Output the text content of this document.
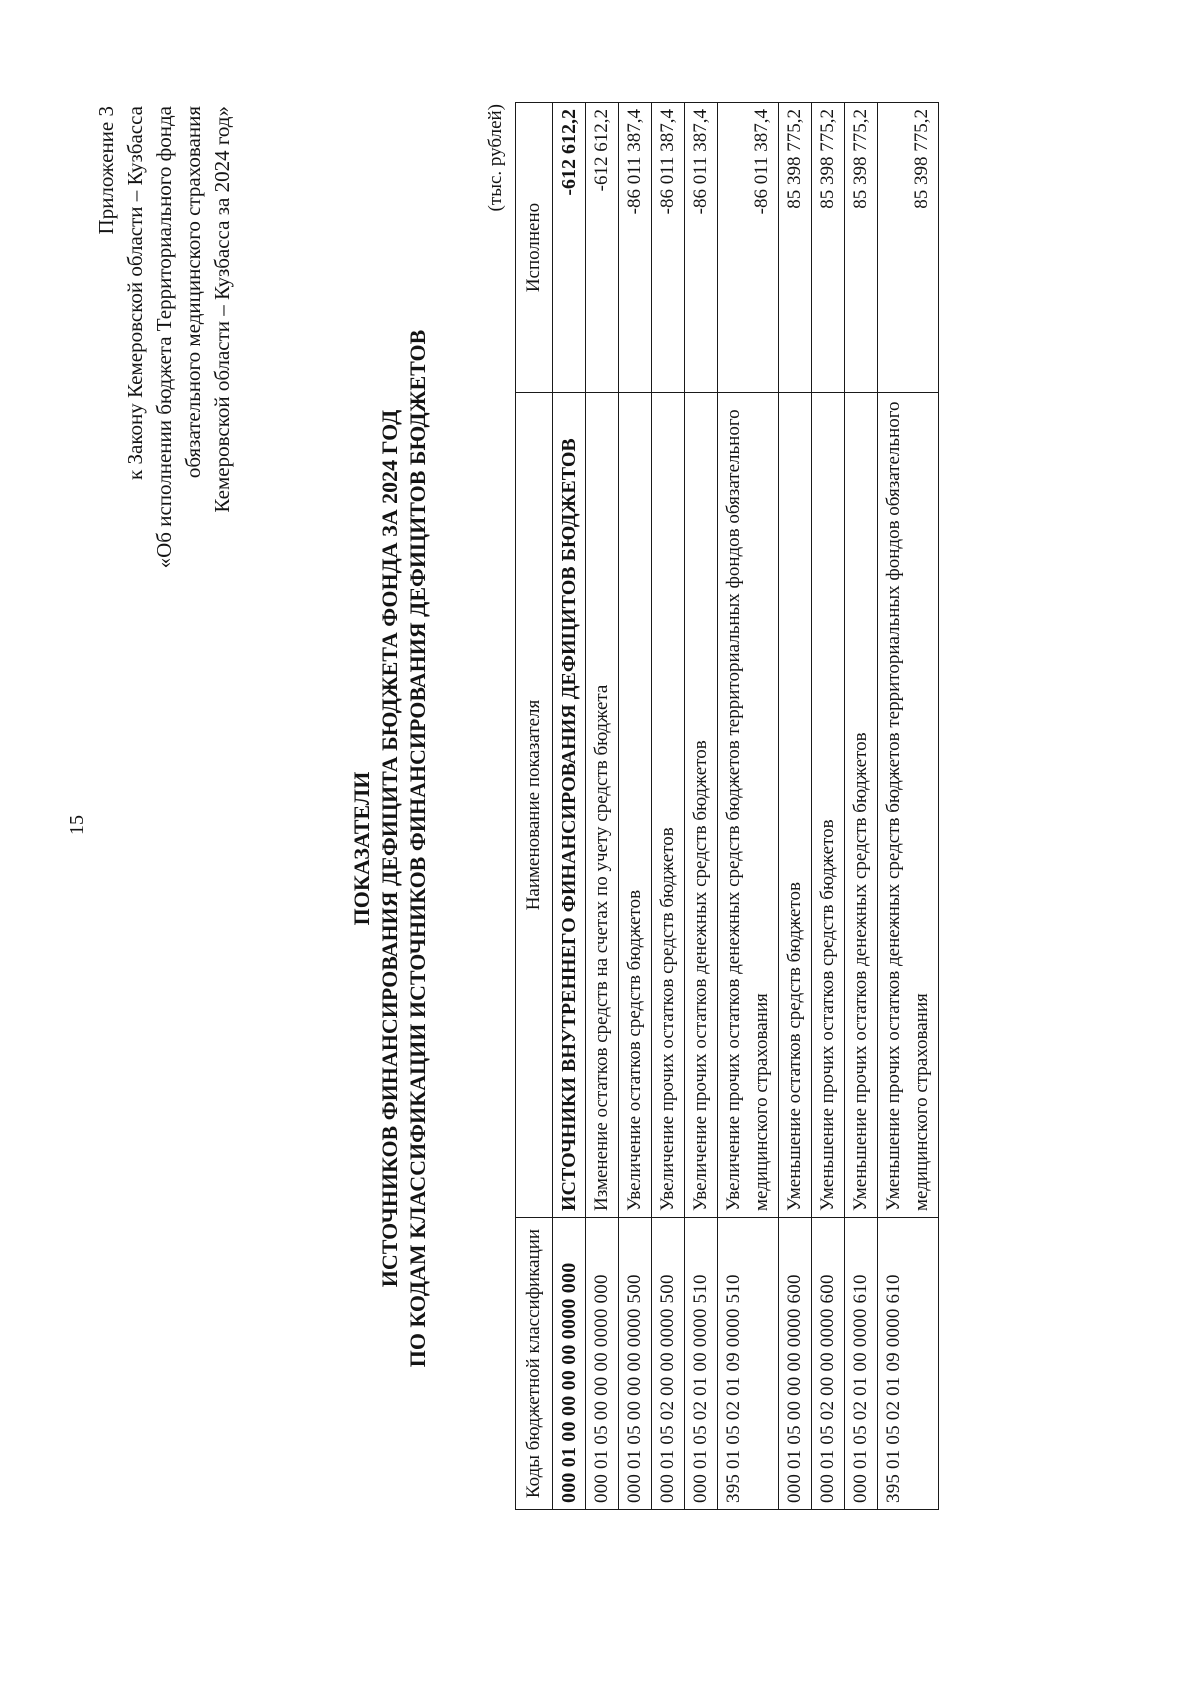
15
Приложение 3 к Закону Кемеровской области – Кузбасса «Об исполнении бюджета Территориального фонда обязательного медицинского страхования Кемеровской области – Кузбасса за 2024 год»
ПОКАЗАТЕЛИ ИСТОЧНИКОВ ФИНАНСИРОВАНИЯ ДЕФИЦИТА БЮДЖЕТА ФОНДА ЗА 2024 ГОД ПО КОДАМ КЛАССИФИКАЦИИ ИСТОЧНИКОВ ФИНАНСИРОВАНИЯ ДЕФИЦИТОВ БЮДЖЕТОВ
(тыс. рублей)
Коды бюджетной классификации	Наименование показателя	Исполнено
000 01 00 00 00 00 0000 000	ИСТОЧНИКИ ВНУТРЕННЕГО ФИНАНСИРОВАНИЯ ДЕФИЦИТОВ БЮДЖЕТОВ	-612 612,2
000 01 05 00 00 00 0000 000	Изменение остатков средств на счетах по учету средств бюджета	-612 612,2
000 01 05 00 00 00 0000 500	Увеличение остатков средств бюджетов	-86 011 387,4
000 01 05 02 00 00 0000 500	Увеличение прочих остатков средств бюджетов	-86 011 387,4
000 01 05 02 01 00 0000 510	Увеличение прочих остатков денежных средств бюджетов	-86 011 387,4
395 01 05 02 01 09 0000 510	Увеличение прочих остатков денежных средств бюджетов территориальных фондов обязательного медицинского страхования	-86 011 387,4
000 01 05 00 00 00 0000 600	Уменьшение остатков средств бюджетов	85 398 775,2
000 01 05 02 00 00 0000 600	Уменьшение прочих остатков средств бюджетов	85 398 775,2
000 01 05 02 01 00 0000 610	Уменьшение прочих остатков денежных средств бюджетов	85 398 775,2
395 01 05 02 01 09 0000 610	Уменьшение прочих остатков денежных средств бюджетов территориальных фондов обязательного медицинского страхования	85 398 775,2
